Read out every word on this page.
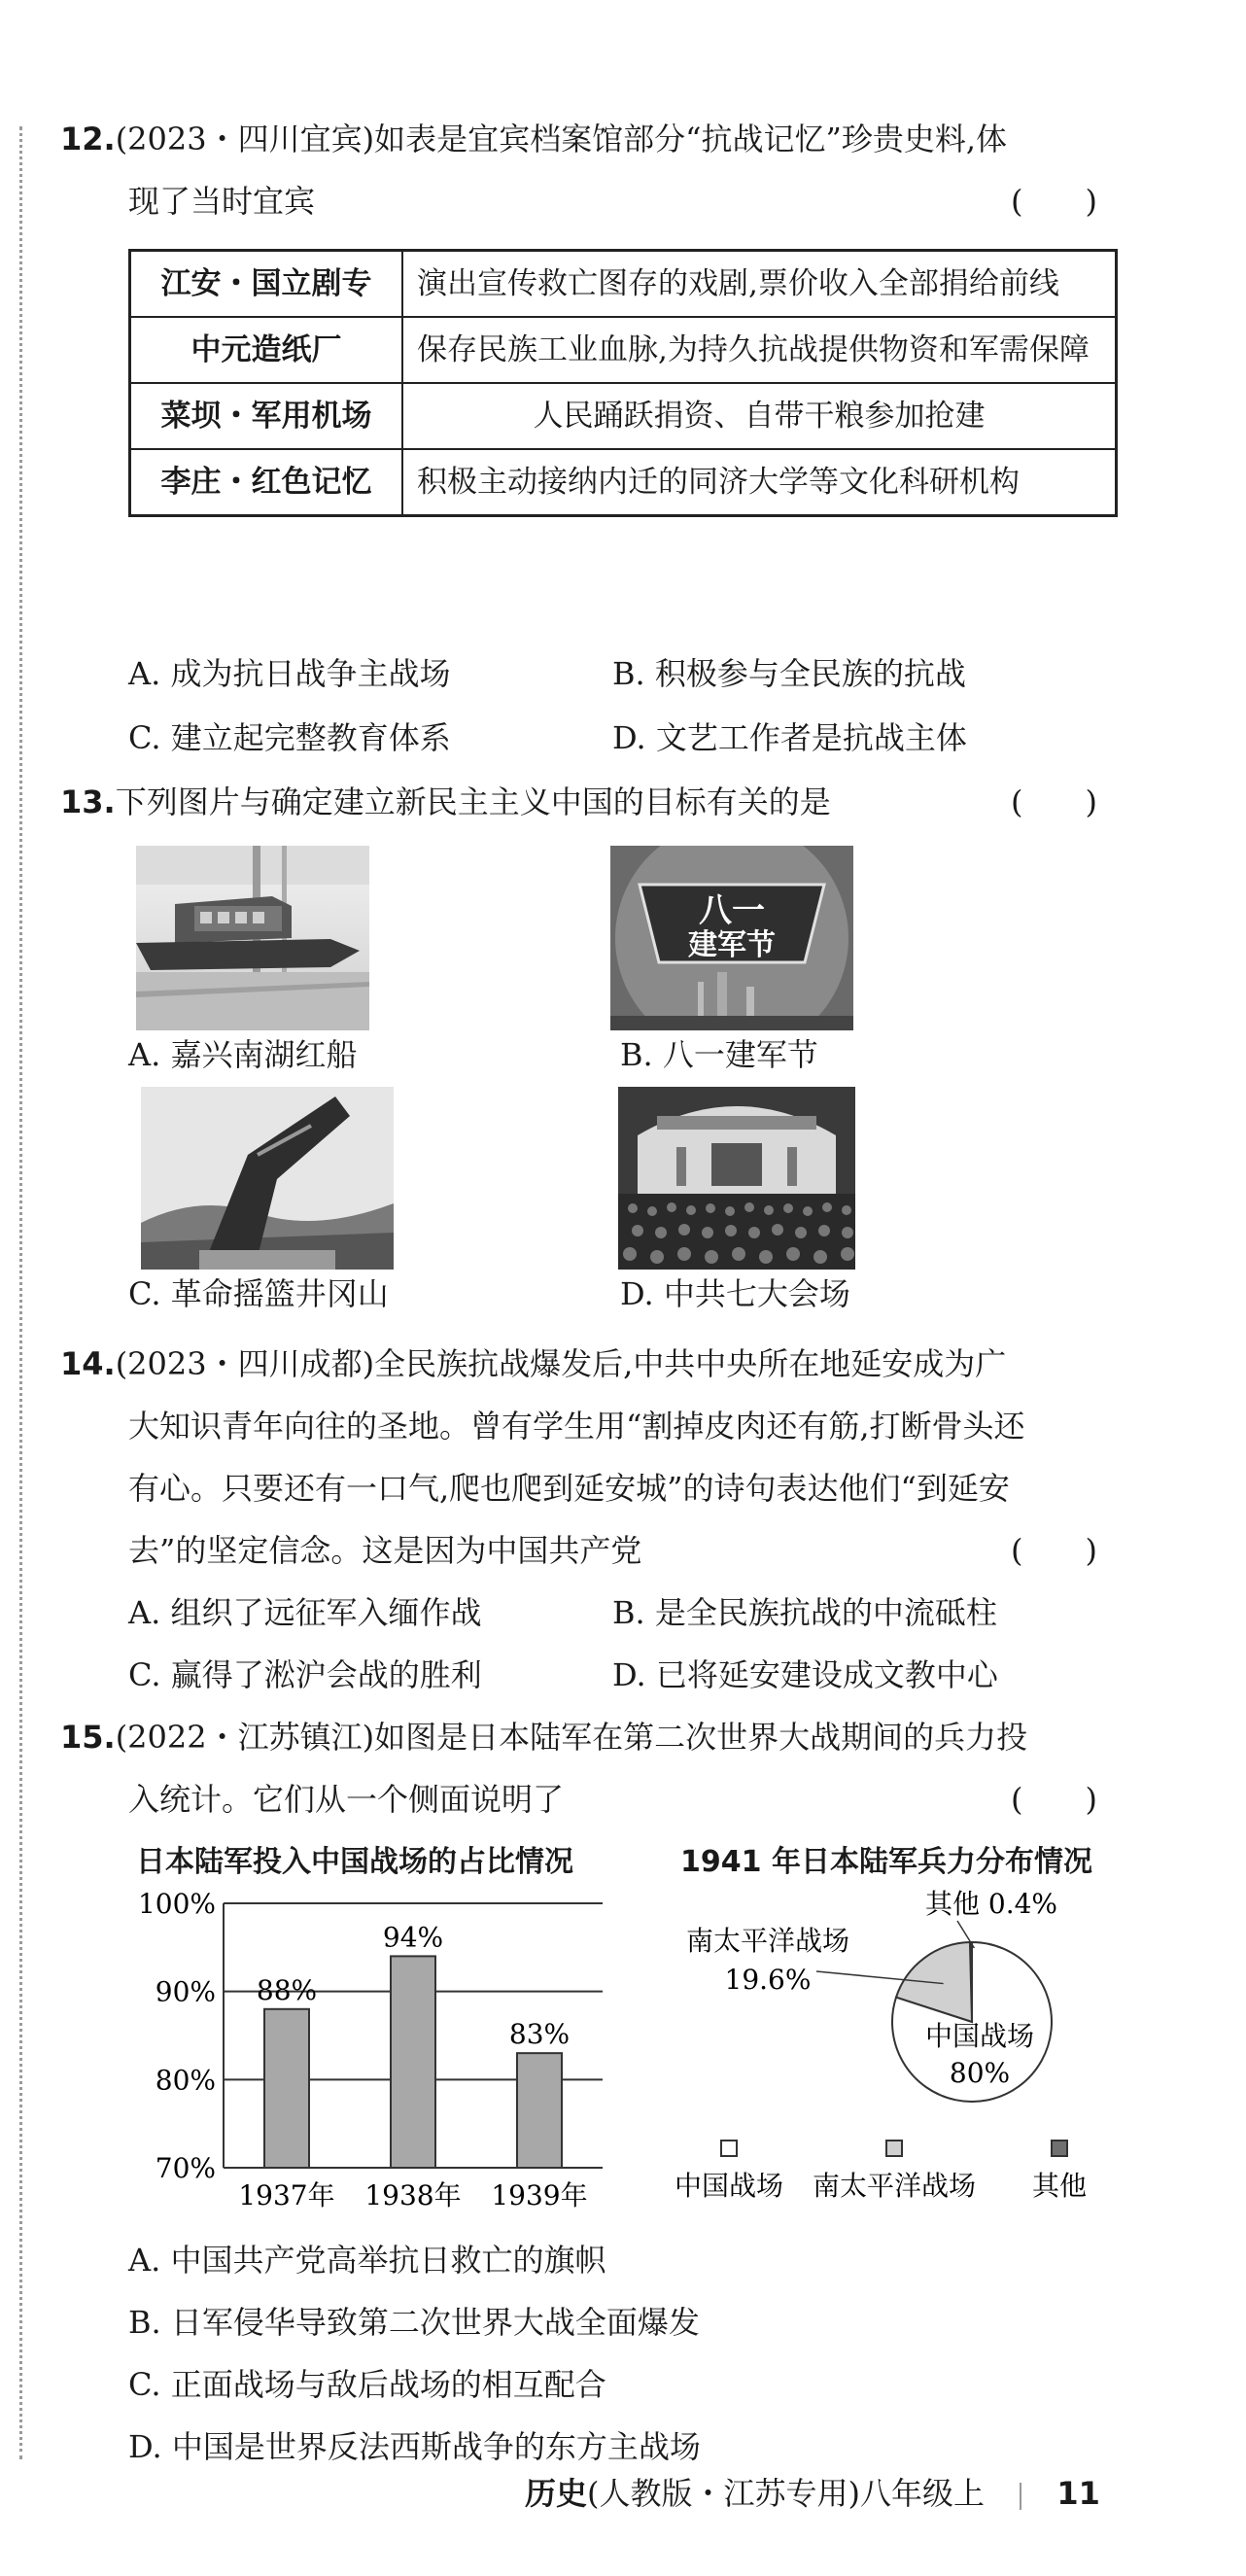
12.(2023・四川宜宾)如表是宜宾档案馆部分“抗战记忆”珍贵史料,体
现了当时宜宾	(　　)
江安・国立剧专	演出宣传救亡图存的戏剧,票价收入全部捐给前线
中元造纸厂	保存民族工业血脉,为持久抗战提供物资和军需保障
菜坝・军用机场	人民踊跃捐资、自带干粮参加抢建
李庄・红色记忆	积极主动接纳内迁的同济大学等文化科研机构
A. 成为抗日战争主战场	B. 积极参与全民族的抗战
C. 建立起完整教育体系	D. 文艺工作者是抗战主体
13.下列图片与确定建立新民主主义中国的目标有关的是	(　　)
A. 嘉兴南湖红船
八一
建军节
B. 八一建军节
C. 革命摇篮井冈山	D. 中共七大会场
14.(2023・四川成都)全民族抗战爆发后,中共中央所在地延安成为广
大知识青年向往的圣地。曾有学生用“割掉皮肉还有筋,打断骨头还
有心。只要还有一口气,爬也爬到延安城”的诗句表达他们“到延安
去”的坚定信念。这是因为中国共产党	(　　)
A. 组织了远征军入缅作战	B. 是全民族抗战的中流砥柱
C. 赢得了淞沪会战的胜利	D. 已将延安建设成文教中心
15.(2022・江苏镇江)如图是日本陆军在第二次世界大战期间的兵力投
入统计。它们从一个侧面说明了	(　　)
日本陆军投入中国战场的占比情况
100%
90%
80%
70%
88%
1937年
94%
1938年
83%
1939年
1941 年日本陆军兵力分布情况
其他 0.4%
南太平洋战场
19.6%
中国战场
80%
中国战场 南太平洋战场 其他
A. 中国共产党高举抗日救亡的旗帜
B. 日军侵华导致第二次世界大战全面爆发
C. 正面战场与敌后战场的相互配合
D. 中国是世界反法西斯战争的东方主战场
历史(人教版・江苏专用)八年级上 11
